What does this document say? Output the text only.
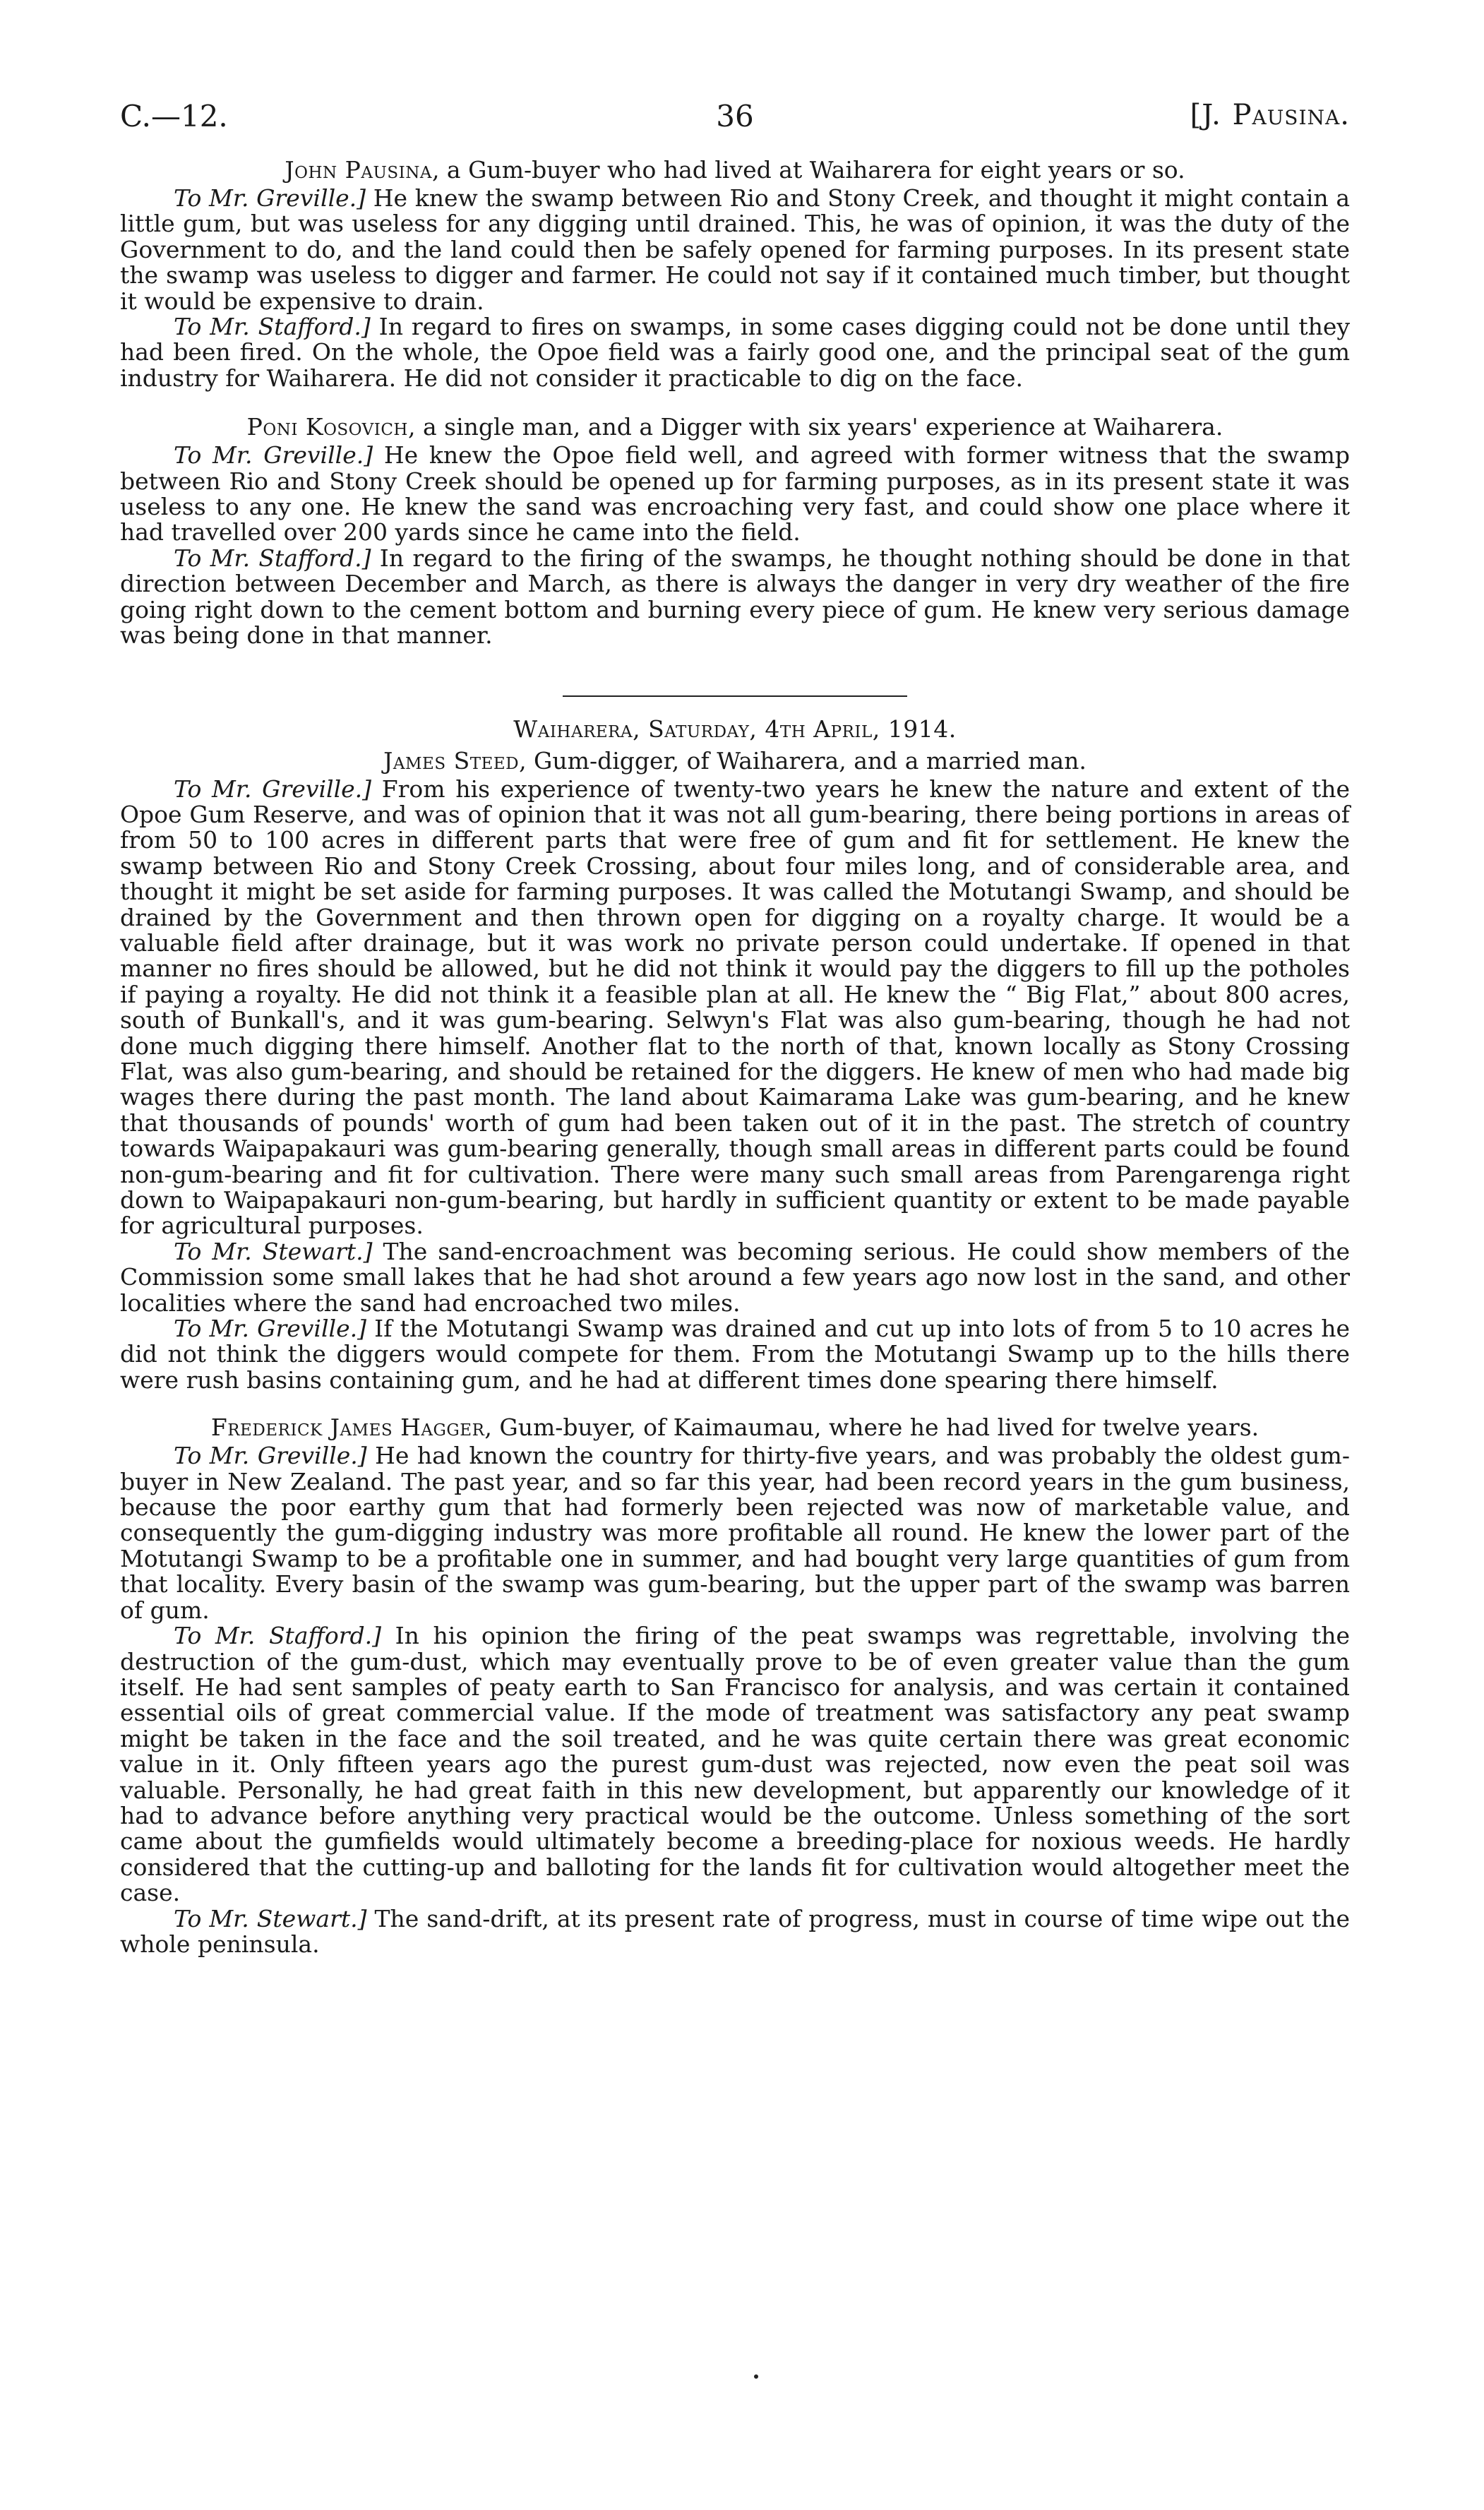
C.—12.	36	[J. Pausina.

John Pausina, a Gum-buyer who had lived at Waiharera for eight years or so.

To Mr. Greville.] He knew the swamp between Rio and Stony Creek, and thought it might contain a little gum, but was useless for any digging until drained. This, he was of opinion, it was the duty of the Government to do, and the land could then be safely opened for farming purposes. In its present state the swamp was useless to digger and farmer. He could not say if it contained much timber, but thought it would be expensive to drain.

To Mr. Stafford.] In regard to fires on swamps, in some cases digging could not be done until they had been fired. On the whole, the Opoe field was a fairly good one, and the principal seat of the gum industry for Waiharera. He did not consider it practicable to dig on the face.

Poni Kosovich, a single man, and a Digger with six years' experience at Waiharera.

To Mr. Greville.] He knew the Opoe field well, and agreed with former witness that the swamp between Rio and Stony Creek should be opened up for farming purposes, as in its present state it was useless to any one. He knew the sand was encroaching very fast, and could show one place where it had travelled over 200 yards since he came into the field.

To Mr. Stafford.] In regard to the firing of the swamps, he thought nothing should be done in that direction between December and March, as there is always the danger in very dry weather of the fire going right down to the cement bottom and burning every piece of gum. He knew very serious damage was being done in that manner.

Waiharera, Saturday, 4th April, 1914.

James Steed, Gum-digger, of Waiharera, and a married man.

To Mr. Greville.] From his experience of twenty-two years he knew the nature and extent of the Opoe Gum Reserve, and was of opinion that it was not all gum-bearing, there being portions in areas of from 50 to 100 acres in different parts that were free of gum and fit for settlement. He knew the swamp between Rio and Stony Creek Crossing, about four miles long, and of considerable area, and thought it might be set aside for farming purposes. It was called the Motutangi Swamp, and should be drained by the Government and then thrown open for digging on a royalty charge. It would be a valuable field after drainage, but it was work no private person could undertake. If opened in that manner no fires should be allowed, but he did not think it would pay the diggers to fill up the potholes if paying a royalty. He did not think it a feasible plan at all. He knew the “ Big Flat,” about 800 acres, south of Bunkall's, and it was gum-bearing. Selwyn's Flat was also gum-bearing, though he had not done much digging there himself. Another flat to the north of that, known locally as Stony Crossing Flat, was also gum-bearing, and should be retained for the diggers. He knew of men who had made big wages there during the past month. The land about Kaimarama Lake was gum-bearing, and he knew that thousands of pounds' worth of gum had been taken out of it in the past. The stretch of country towards Waipapakauri was gum-bearing generally, though small areas in different parts could be found non-gum-bearing and fit for cultivation. There were many such small areas from Parengarenga right down to Waipapakauri non-gum-bearing, but hardly in sufficient quantity or extent to be made payable for agricultural purposes.

To Mr. Stewart.] The sand-encroachment was becoming serious. He could show members of the Commission some small lakes that he had shot around a few years ago now lost in the sand, and other localities where the sand had encroached two miles.

To Mr. Greville.] If the Motutangi Swamp was drained and cut up into lots of from 5 to 10 acres he did not think the diggers would compete for them. From the Motutangi Swamp up to the hills there were rush basins containing gum, and he had at different times done spearing there himself.

Frederick James Hagger, Gum-buyer, of Kaimaumau, where he had lived for twelve years.

To Mr. Greville.] He had known the country for thirty-five years, and was probably the oldest gum-buyer in New Zealand. The past year, and so far this year, had been record years in the gum business, because the poor earthy gum that had formerly been rejected was now of marketable value, and consequently the gum-digging industry was more profitable all round. He knew the lower part of the Motutangi Swamp to be a profitable one in summer, and had bought very large quantities of gum from that locality. Every basin of the swamp was gum-bearing, but the upper part of the swamp was barren of gum.

To Mr. Stafford.] In his opinion the firing of the peat swamps was regrettable, involving the destruction of the gum-dust, which may eventually prove to be of even greater value than the gum itself. He had sent samples of peaty earth to San Francisco for analysis, and was certain it contained essential oils of great commercial value. If the mode of treatment was satisfactory any peat swamp might be taken in the face and the soil treated, and he was quite certain there was great economic value in it. Only fifteen years ago the purest gum-dust was rejected, now even the peat soil was valuable. Personally, he had great faith in this new development, but apparently our knowledge of it had to advance before anything very practical would be the outcome. Unless something of the sort came about the gumfields would ultimately become a breeding-place for noxious weeds. He hardly considered that the cutting-up and balloting for the lands fit for cultivation would altogether meet the case.

To Mr. Stewart.] The sand-drift, at its present rate of progress, must in course of time wipe out the whole peninsula.
